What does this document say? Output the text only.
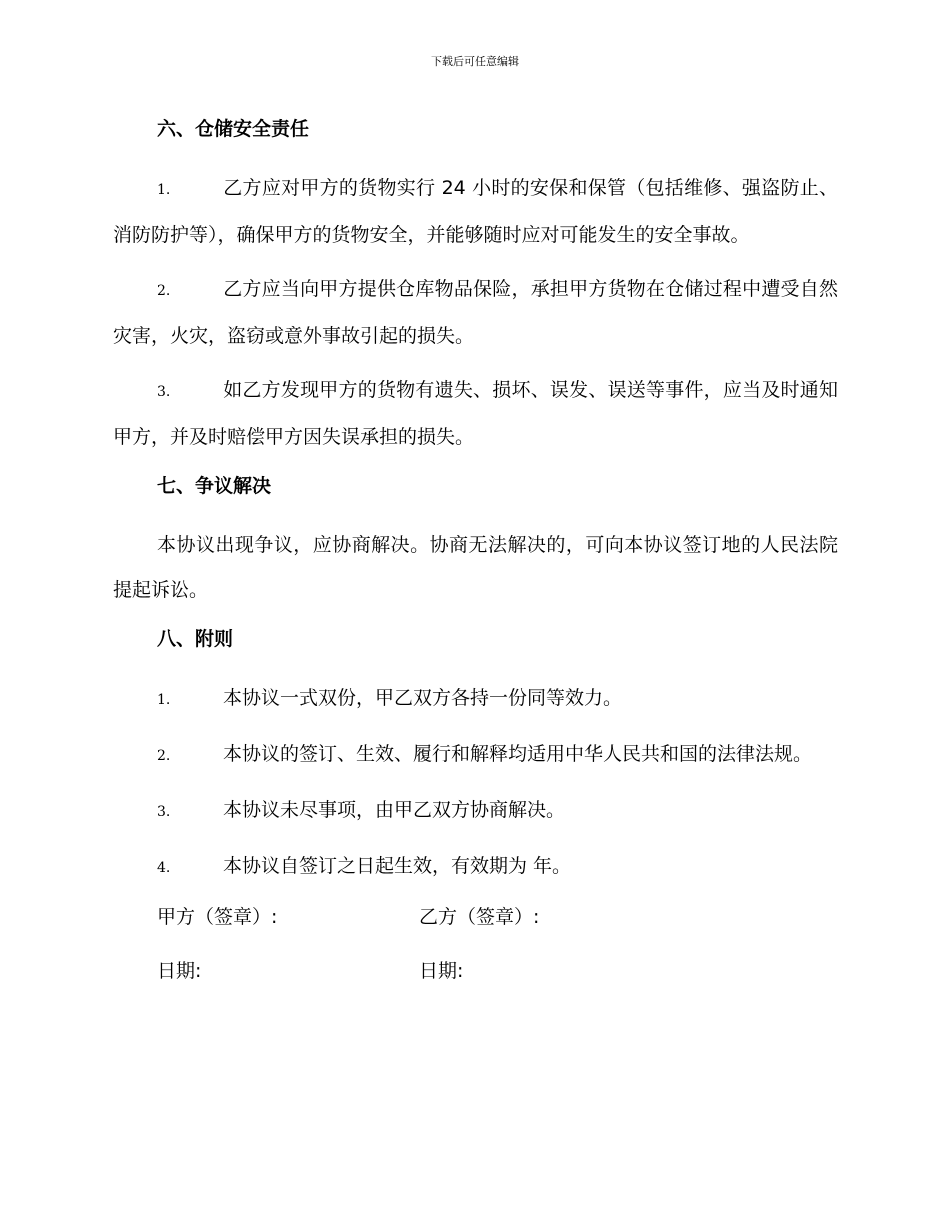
下载后可任意编辑
六、仓储安全责任
1.	乙方应对甲方的货物实行 24 小时的安保和保管（包括维修、强盗防止、消防防护等），确保甲方的货物安全，并能够随时应对可能发生的安全事故。
2.	乙方应当向甲方提供仓库物品保险，承担甲方货物在仓储过程中遭受自然灾害，火灾，盗窃或意外事故引起的损失。
3.	如乙方发现甲方的货物有遗失、损坏、误发、误送等事件，应当及时通知甲方，并及时赔偿甲方因失误承担的损失。
七、争议解决
本协议出现争议，应协商解决。协商无法解决的，可向本协议签订地的人民法院提起诉讼。
八、附则
1.	本协议一式双份，甲乙双方各持一份同等效力。
2.	本协议的签订、生效、履行和解释均适用中华人民共和国的法律法规。
3.	本协议未尽事项，由甲乙双方协商解决。
4.	本协议自签订之日起生效，有效期为 年。
甲方（签章）:	乙方（签章）:
日期:	日期:
